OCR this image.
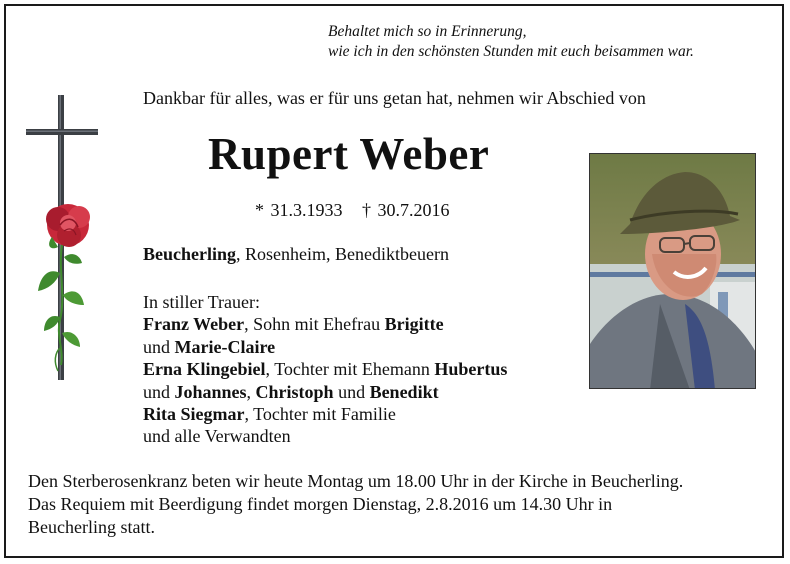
Behaltet mich so in Erinnerung,
wie ich in den schönsten Stunden mit euch beisammen war.
Dankbar für alles, was er für uns getan hat, nehmen wir Abschied von
Rupert Weber
* 31.3.1933 † 30.7.2016
Beucherling, Rosenheim, Benediktbeuern
In stiller Trauer:
Franz Weber, Sohn mit Ehefrau Brigitte
und Marie-Claire
Erna Klingebiel, Tochter mit Ehemann Hubertus
und Johannes, Christoph und Benedikt
Rita Siegmar, Tochter mit Familie
und alle Verwandten
Den Sterberosenkranz beten wir heute Montag um 18.00 Uhr in der Kirche in Beucherling.
Das Requiem mit Beerdigung findet morgen Dienstag, 2.8.2016 um 14.30 Uhr in
Beucherling statt.
